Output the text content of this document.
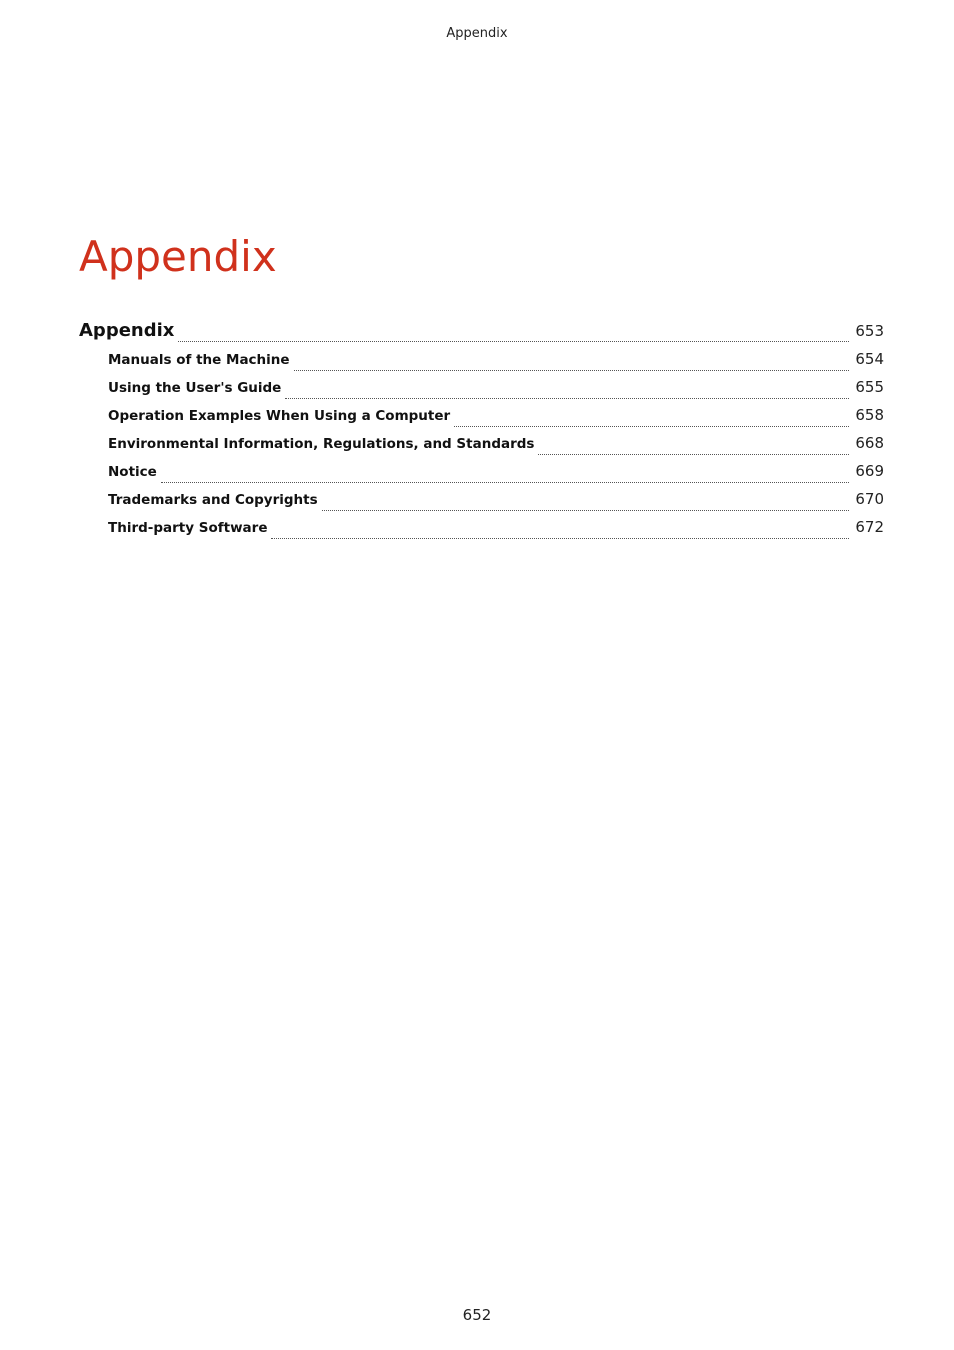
Appendix
Appendix
Appendix	653
Manuals of the Machine	654
Using the User's Guide	655
Operation Examples When Using a Computer	658
Environmental Information, Regulations, and Standards	668
Notice	669
Trademarks and Copyrights	670
Third-party Software	672
652
